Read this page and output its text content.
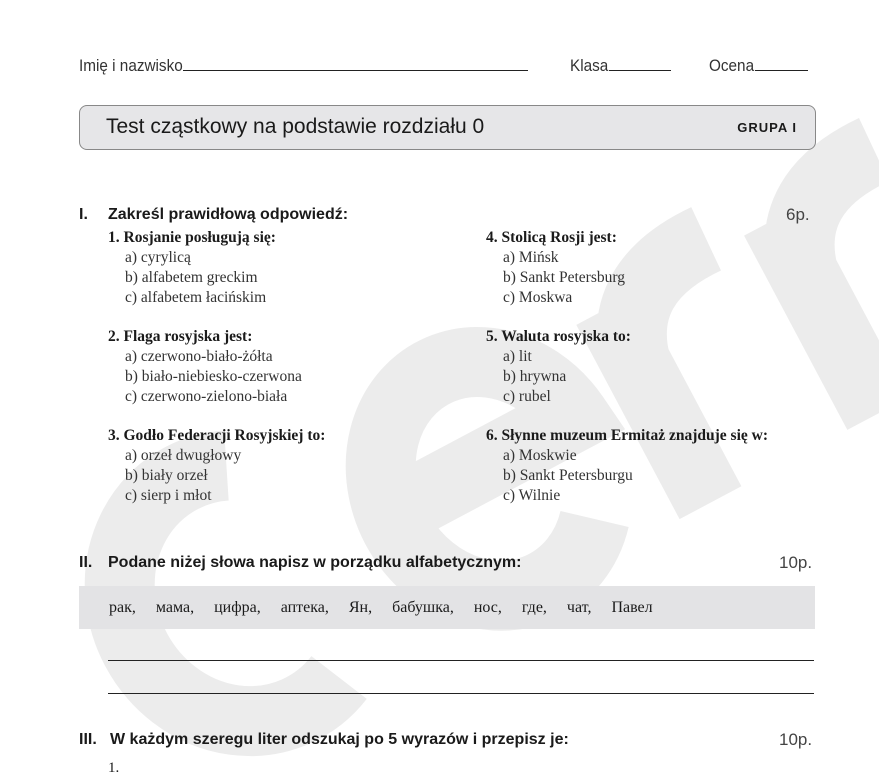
Imię i nazwisko	Klasa	Ocena
Test cząstkowy na podstawie rozdziału 0	GRUPA I
I. Zakreśl prawidłową odpowiedź:	6p.
1. Rosjanie posługują się:
a) cyrylicą
b) alfabetem greckim
c) alfabetem łacińskim
2. Flaga rosyjska jest:
a) czerwono-biało-żółta
b) biało-niebiesko-czerwona
c) czerwono-zielono-biała
3. Godło Federacji Rosyjskiej to:
a) orzeł dwugłowy
b) biały orzeł
c) sierp i młot
4. Stolicą Rosji jest:
a) Mińsk
b) Sankt Petersburg
c) Moskwa
5. Waluta rosyjska to:
a) lit
b) hrywna
c) rubel
6. Słynne muzeum Ermitaż znajduje się w:
a) Moskwie
b) Sankt Petersburgu
c) Wilnie
II. Podane niżej słowa napisz w porządku alfabetycznym:	10p.
рак,  мама,  цифра,  аптека,  Ян,  бабушка,  нос,  где,  чат,  Павел
III. W każdym szeregu liter odszukaj po 5 wyrazów i przepisz je:	10p.
1.
